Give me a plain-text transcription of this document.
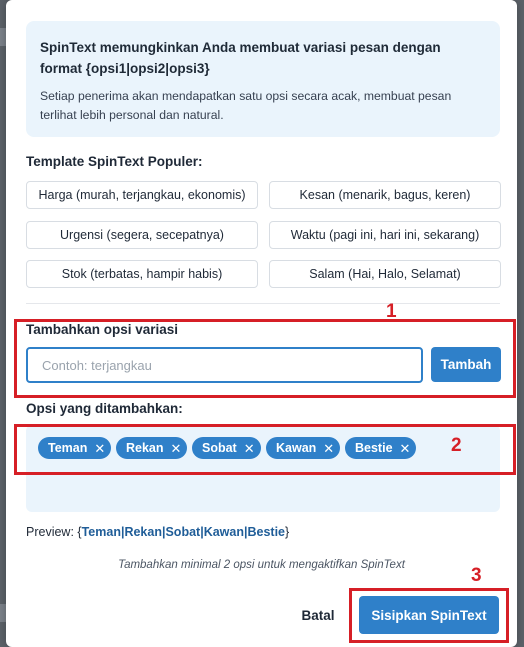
SpinText memungkinkan Anda membuat variasi pesan dengan format {opsi1|opsi2|opsi3}
Setiap penerima akan mendapatkan satu opsi secara acak, membuat pesan terlihat lebih personal dan natural.
Template SpinText Populer:
Harga (murah, terjangkau, ekonomis)	Kesan (menarik, bagus, keren)
Urgensi (segera, secepatnya)	Waktu (pagi ini, hari ini, sekarang)
Stok (terbatas, hampir habis)	Salam (Hai, Halo, Selamat)
Tambahkan opsi variasi
Contoh: terjangkau
Tambah
Opsi yang ditambahkan:
Teman ✕ Rekan ✕ Sobat ✕ Kawan ✕ Bestie ✕
Preview: {Teman|Rekan|Sobat|Kawan|Bestie}
Tambahkan minimal 2 opsi untuk mengaktifkan SpinText
Batal	Sisipkan SpinText
1
2
3
